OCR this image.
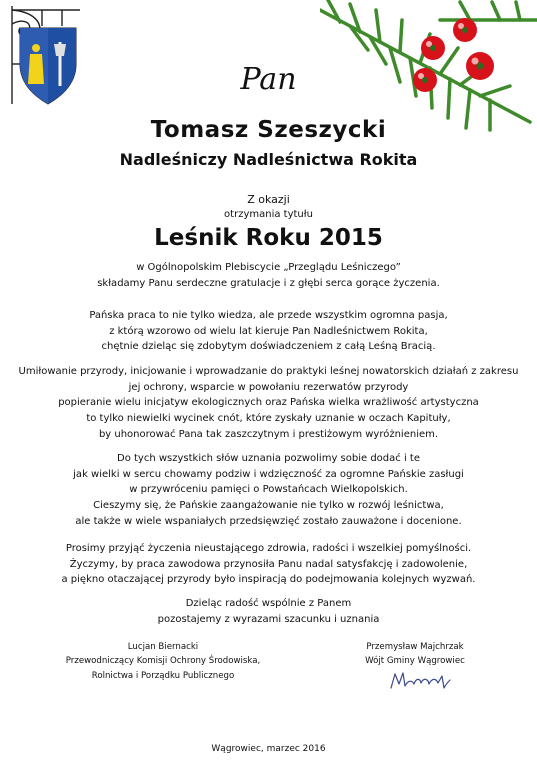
Pan
Tomasz Szeszycki
Nadleśniczy Nadleśnictwa Rokita
Z okazji
otrzymania tytułu
Leśnik Roku 2015
w Ogólnopolskim Plebiscycie „Przeglądu Leśniczego”
składamy Panu serdeczne gratulacje i z głębi serca gorące życzenia.
Pańska praca to nie tylko wiedza, ale przede wszystkim ogromna pasja,
z którą wzorowo od wielu lat kieruje Pan Nadleśnictwem Rokita,
chętnie dzieląc się zdobytym doświadczeniem z całą Leśną Bracią.
Umiłowanie przyrody, inicjowanie i wprowadzanie do praktyki leśnej nowatorskich działań z zakresu
jej ochrony, wsparcie w powołaniu rezerwatów przyrody
popieranie wielu inicjatyw ekologicznych oraz Pańska wielka wrażliwość artystyczna
to tylko niewielki wycinek cnót, które zyskały uznanie w oczach Kapituły,
by uhonorować Pana tak zaszczytnym i prestiżowym wyróżnieniem.
Do tych wszystkich słów uznania pozwolimy sobie dodać i te
jak wielki w sercu chowamy podziw i wdzięczność za ogromne Pańskie zasługi
w przywróceniu pamięci o Powstańcach Wielkopolskich.
Cieszymy się, że Pańskie zaangażowanie nie tylko w rozwój leśnictwa,
ale także w wiele wspaniałych przedsięwzięć zostało zauważone i docenione.
Prosimy przyjąć życzenia nieustającego zdrowia, radości i wszelkiej pomyślności.
Życzymy, by praca zawodowa przynosiła Panu nadal satysfakcję i zadowolenie,
a piękno otaczającej przyrody było inspiracją do podejmowania kolejnych wyzwań.
Dzieląc radość wspólnie z Panem
pozostajemy z wyrazami szacunku i uznania
Lucjan Biernacki
Przewodniczący Komisji Ochrony Środowiska,
Rolnictwa i Porządku Publicznego
Przemysław Majchrzak
Wójt Gminy Wągrowiec
Wągrowiec, marzec 2016
